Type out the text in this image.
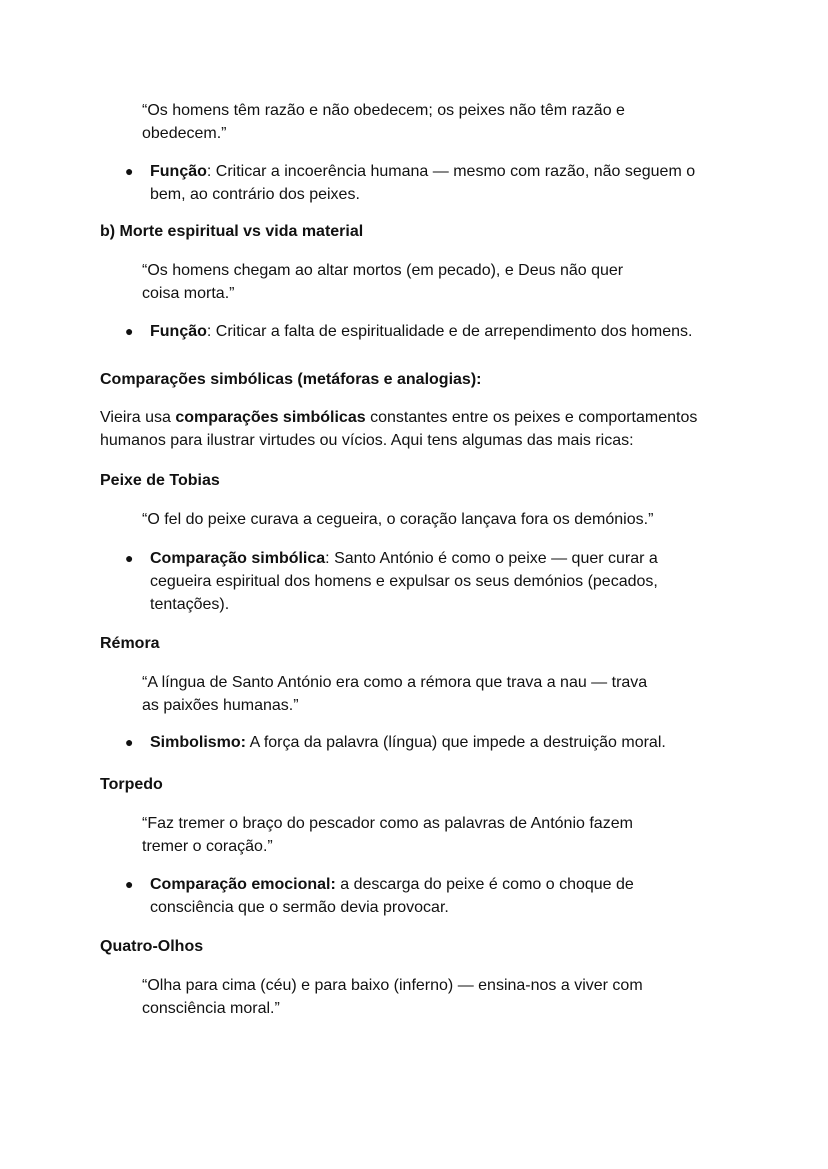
“Os homens têm razão e não obedecem; os peixes não têm razão e
obedecem.”
●	Função: Criticar a incoerência humana — mesmo com razão, não seguem o bem, ao contrário dos peixes.
b) Morte espiritual vs vida material
“Os homens chegam ao altar mortos (em pecado), e Deus não quer
coisa morta.”
●	Função: Criticar a falta de espiritualidade e de arrependimento dos homens.
Comparações simbólicas (metáforas e analogias):
Vieira usa comparações simbólicas constantes entre os peixes e comportamentos humanos para ilustrar virtudes ou vícios. Aqui tens algumas das mais ricas:
Peixe de Tobias
“O fel do peixe curava a cegueira, o coração lançava fora os demónios.”
●	Comparação simbólica: Santo António é como o peixe — quer curar a cegueira espiritual dos homens e expulsar os seus demónios (pecados, tentações).
Rémora
“A língua de Santo António era como a rémora que trava a nau — trava
as paixões humanas.”
●	Simbolismo: A força da palavra (língua) que impede a destruição moral.
Torpedo
“Faz tremer o braço do pescador como as palavras de António fazem
tremer o coração.”
●	Comparação emocional: a descarga do peixe é como o choque de consciência que o sermão devia provocar.
Quatro-Olhos
“Olha para cima (céu) e para baixo (inferno) — ensina-nos a viver com
consciência moral.”
